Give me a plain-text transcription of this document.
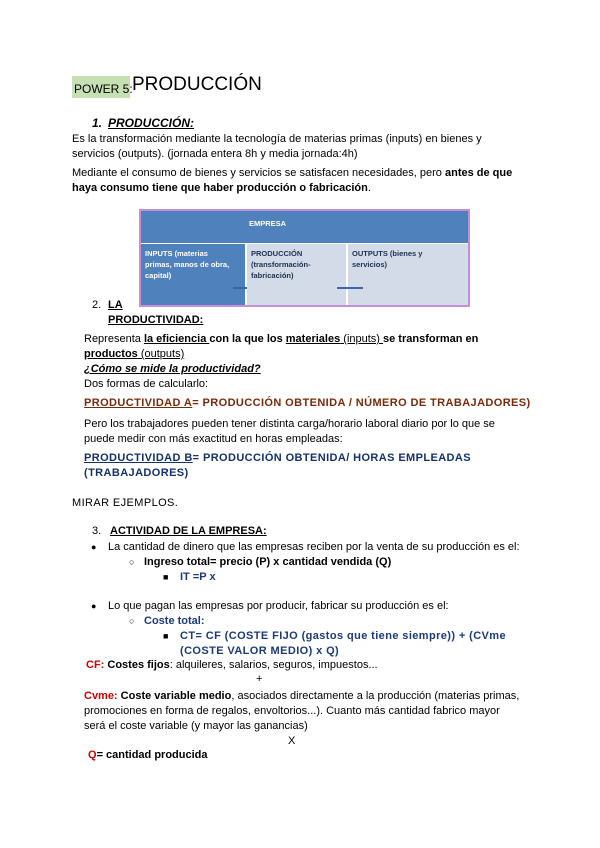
POWER 5: PRODUCCIÓN
1. PRODUCCIÓN:
Es la transformación mediante la tecnología de materias primas (inputs) en bienes y
servicios (outputs). (jornada entera 8h y media jornada:4h)
Mediante el consumo de bienes y servicios se satisfacen necesidades, pero antes de que
haya consumo tiene que haber producción o fabricación.
EMPRESA
INPUTS (materias
primas, manos de obra,
capital)
PRODUCCIÓN
(transformación-
fabricación)
OUTPUTS (bienes y
servicios)
2. LA
PRODUCTIVIDAD:
Representa la eficiencia con la que los materiales (inputs) se transforman en
productos (outputs)
¿Cómo se mide la productividad?
Dos formas de calcularlo:
PRODUCTIVIDAD A= PRODUCCIÓN OBTENIDA / NÚMERO DE TRABAJADORES)
Pero los trabajadores pueden tener distinta carga/horario laboral diario por lo que se
puede medir con más exactitud en horas empleadas:
PRODUCTIVIDAD B= PRODUCCIÓN OBTENIDA/ HORAS EMPLEADAS
(TRABAJADORES)
MIRAR EJEMPLOS.
3. ACTIVIDAD DE LA EMPRESA:
● La cantidad de dinero que las empresas reciben por la venta de su producción es el:
○ Ingreso total= precio (P) x cantidad vendida (Q)
■ IT =P x
● Lo que pagan las empresas por producir, fabricar su producción es el:
○ Coste total:
■ CT= CF (COSTE FIJO (gastos que tiene siempre)) + (CVme
(COSTE VALOR MEDIO) x Q)
CF: Costes fijos: alquileres, salarios, seguros, impuestos...
+
Cvme: Coste variable medio, asociados directamente a la producción (materias primas,
promociones en forma de regalos, envoltorios...). Cuanto más cantidad fabrico mayor
será el coste variable (y mayor las ganancias)
X
Q= cantidad producida
